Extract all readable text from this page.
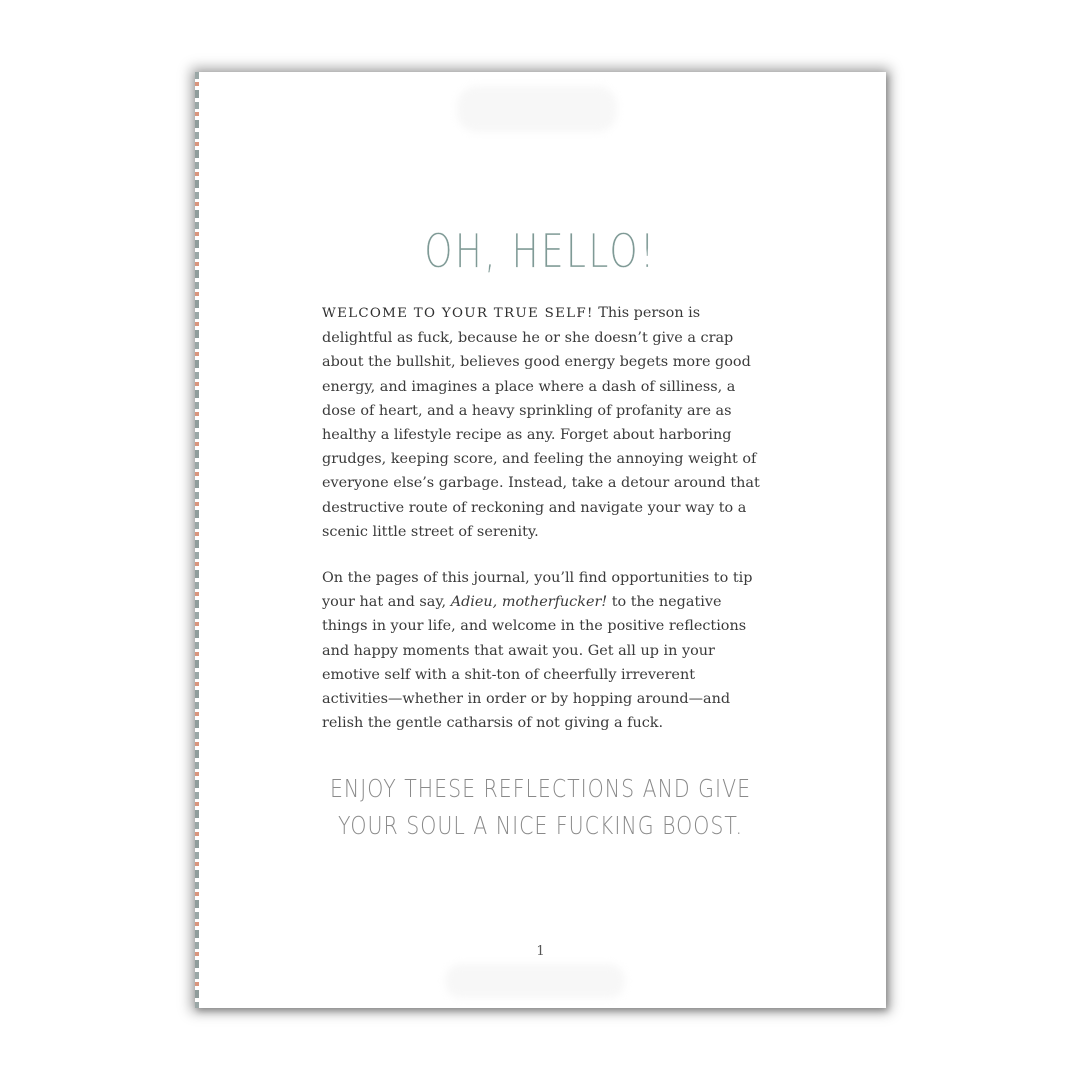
OH, HELLO!

WELCOME TO YOUR TRUE SELF! This person is delightful as fuck, because he or she doesn’t give a crap about the bullshit, believes good energy begets more good energy, and imagines a place where a dash of silliness, a dose of heart, and a heavy sprinkling of profanity are as healthy a lifestyle recipe as any. Forget about harboring grudges, keeping score, and feeling the annoying weight of everyone else’s garbage. Instead, take a detour around that destructive route of reckoning and navigate your way to a scenic little street of serenity.

On the pages of this journal, you’ll find opportunities to tip your hat and say, Adieu, motherfucker! to the negative things in your life, and welcome in the positive reflections and happy moments that await you. Get all up in your emotive self with a shit-ton of cheerfully irreverent activities—whether in order or by hopping around—and relish the gentle catharsis of not giving a fuck.

ENJOY THESE REFLECTIONS AND GIVE
YOUR SOUL A NICE FUCKING BOOST.
1
